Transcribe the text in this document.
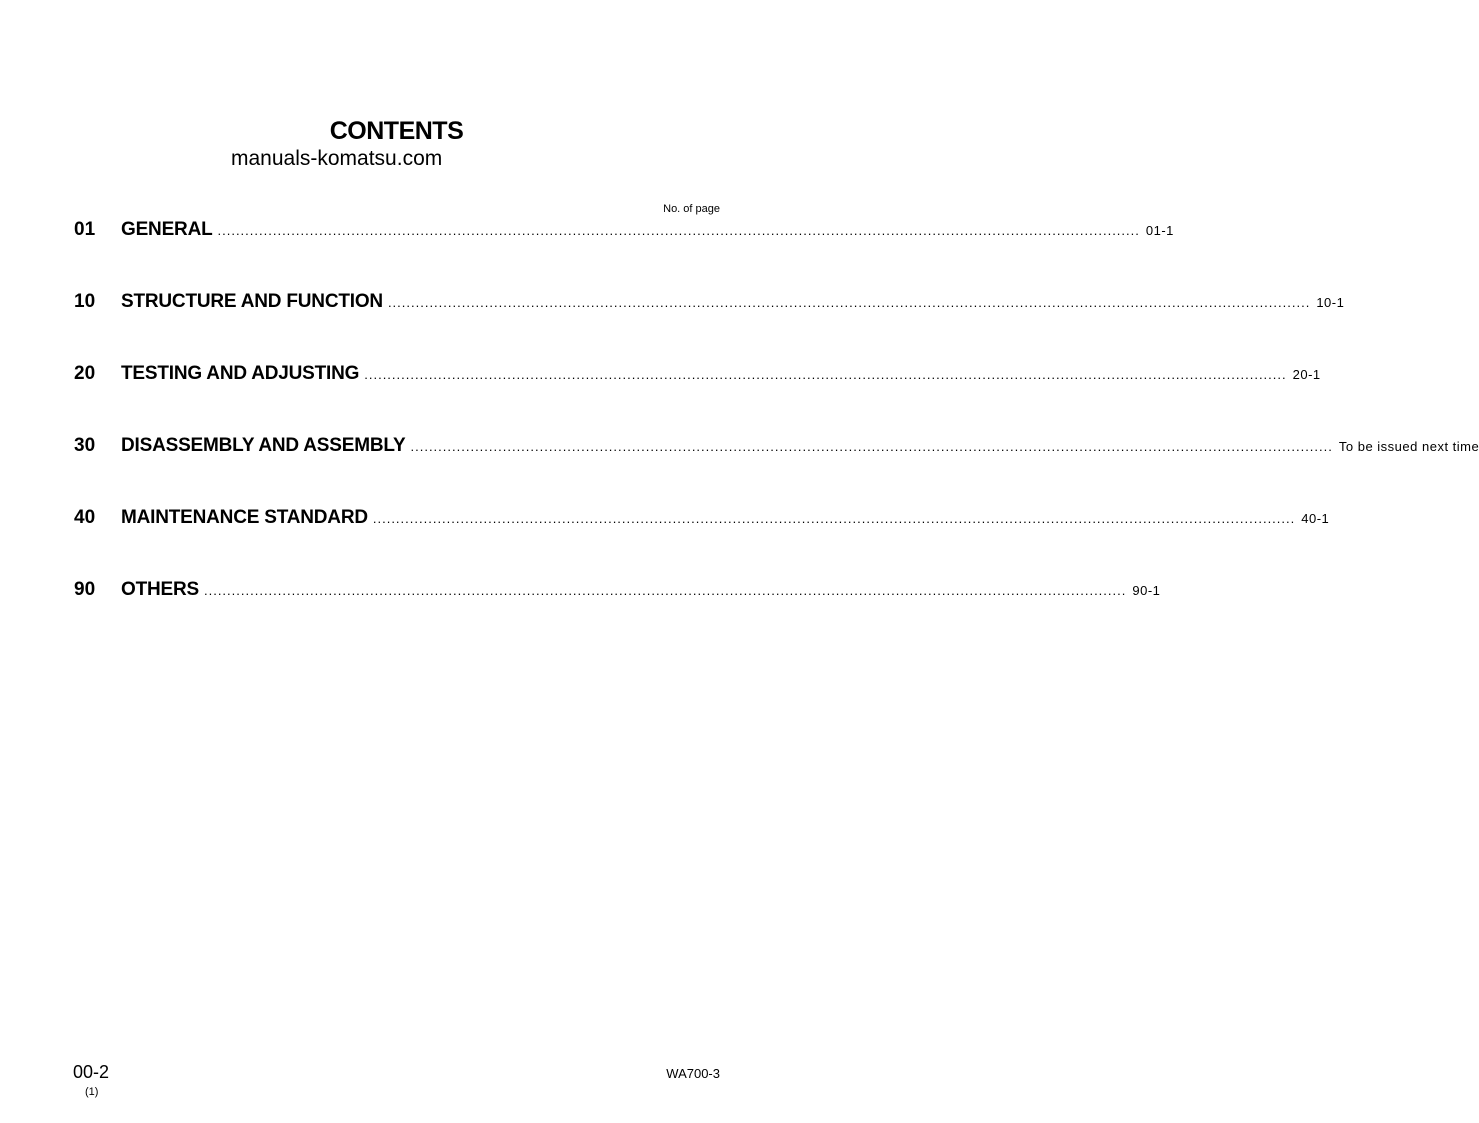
CONTENTS
manuals-komatsu.com
No. of page
01	GENERAL ........................................................................................................................................................................................................ 01-1
10	STRUCTURE AND FUNCTION ........................................................................................................................................................................................................ 10-1
20	TESTING AND ADJUSTING ........................................................................................................................................................................................................ 20-1
30	DISASSEMBLY AND ASSEMBLY ........................................................................................................................................................................................................ To be issued next time
40	MAINTENANCE STANDARD ........................................................................................................................................................................................................ 40-1
90	OTHERS ........................................................................................................................................................................................................ 90-1
00-2
(1)
WA700-3
